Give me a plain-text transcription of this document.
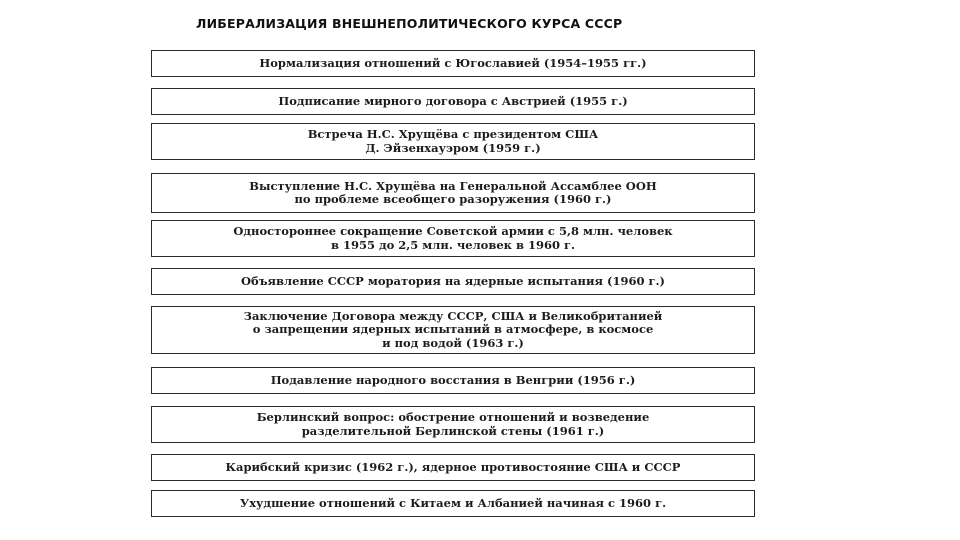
ЛИБЕРАЛИЗАЦИЯ ВНЕШНЕПОЛИТИЧЕСКОГО КУРСА СССР
Нормализация отношений с Югославией (1954–1955 гг.)
Подписание мирного договора с Австрией (1955 г.)
Встреча Н.С. Хрущёва с президентом США
Д. Эйзенхауэром (1959 г.)
Выступление Н.С. Хрущёва на Генеральной Ассамблее ООН
по проблеме всеобщего разоружения (1960 г.)
Одностороннее сокращение Советской армии с 5,8 млн. человек
в 1955 до 2,5 млн. человек в 1960 г.
Объявление СССР моратория на ядерные испытания (1960 г.)
Заключение Договора между СССР, США и Великобританией
о запрещении ядерных испытаний в атмосфере, в космосе
и под водой (1963 г.)
Подавление народного восстания в Венгрии (1956 г.)
Берлинский вопрос: обострение отношений и возведение
разделительной Берлинской стены (1961 г.)
Карибский кризис (1962 г.), ядерное противостояние США и СССР
Ухудшение отношений с Китаем и Албанией начиная с 1960 г.
